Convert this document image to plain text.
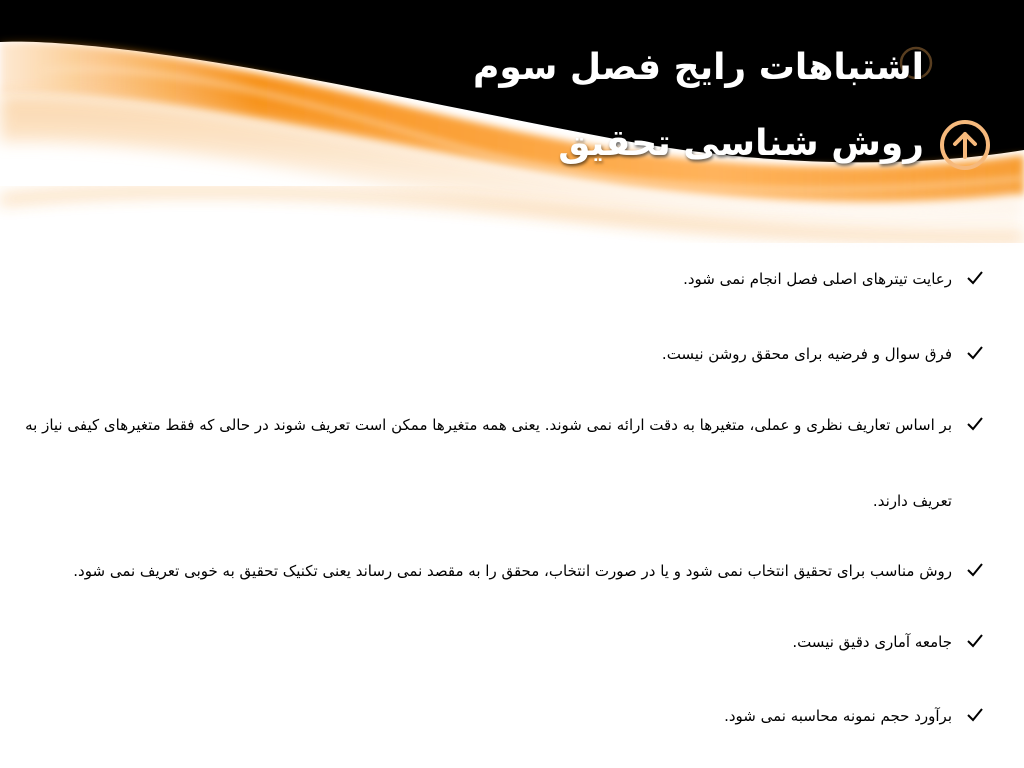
اشتباهات رایج فصل سوم
روش شناسی تحقیق
رعایت تیترهای اصلی فصل انجام نمی شود.
فرق سوال و فرضیه برای محقق روشن نیست.
بر اساس تعاریف نظری و عملی، متغیرها به دقت ارائه نمی شوند. یعنی همه متغیرها ممکن است تعریف شوند در حالی که فقط متغیرهای کیفی نیاز به تعریف دارند.
روش مناسب برای تحقیق انتخاب نمی شود و یا در صورت انتخاب، محقق را به مقصد نمی رساند یعنی تکنیک تحقیق به خوبی تعریف نمی شود.
جامعه آماری دقیق نیست.
برآورد حجم نمونه محاسبه نمی شود.
